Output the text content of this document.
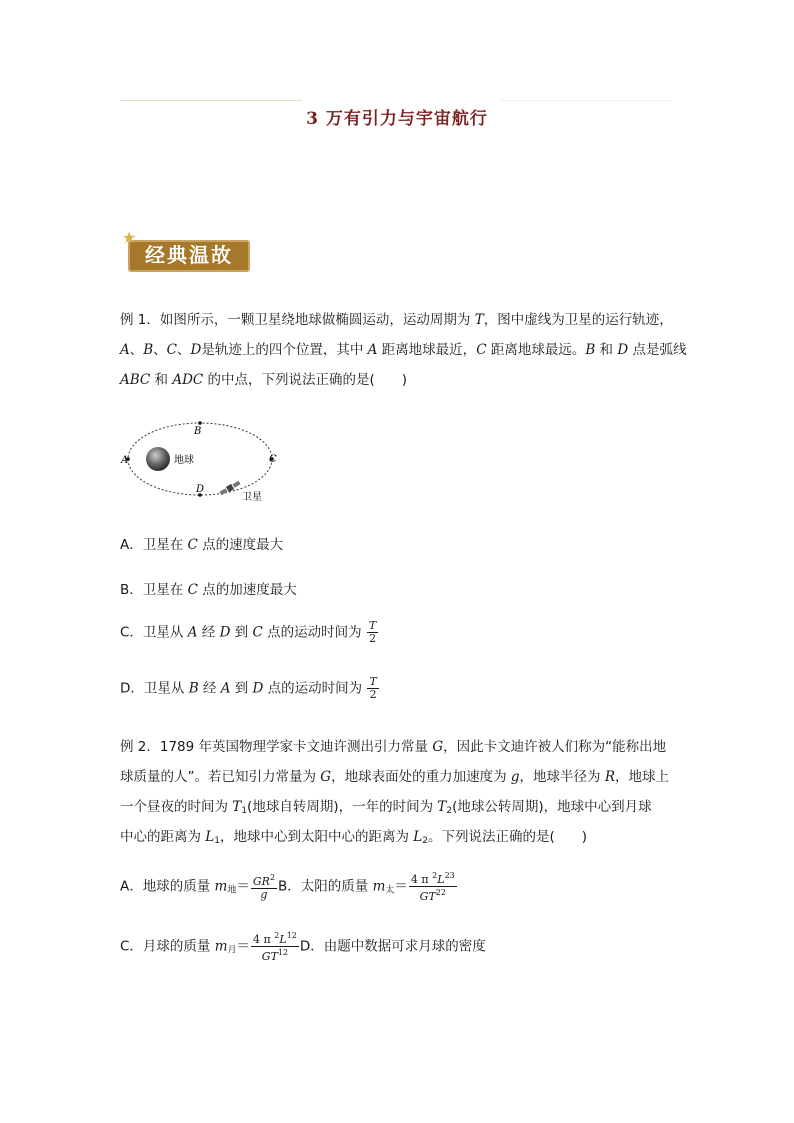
3 万有引力与宇宙航行
经典温故
★
例 1．如图所示，一颗卫星绕地球做椭圆运动，运动周期为 T，图中虚线为卫星的运行轨迹，
A、B、C、D是轨迹上的四个位置，其中 A 距离地球最近，C 距离地球最远。B 和 D 点是弧线
ABC 和 ADC 的中点，下列说法正确的是(　　)
A
B
C
D
地球
卫星
A．卫星在 C 点的速度最大
B．卫星在 C 点的加速度最大
C．卫星从 A 经 D 到 C 点的运动时间为 $\frac{T}{2}$
D．卫星从 B 经 A 到 D 点的运动时间为 $\frac{T}{2}$
例 2．1789 年英国物理学家卡文迪许测出引力常量 G，因此卡文迪许被人们称为“能称出地
球质量的人”。若已知引力常量为 G，地球表面处的重力加速度为 g，地球半径为 R，地球上
一个昼夜的时间为 $T_1$(地球自转周期)，一年的时间为 $T_2$(地球公转周期)，地球中心到月球
中心的距离为 $L_1$，地球中心到太阳中心的距离为 $L_2$。下列说法正确的是(　　)
A．地球的质量 $m_地= \frac{GR^2}{g}$ B．太阳的质量 $m_太= \frac{4 \pi ^2L^{23}}{GT^{22}}$
C．月球的质量 $m_月= \frac{4 \pi ^2L^{12}}{GT^{12}}$ D．由题中数据可求月球的密度
